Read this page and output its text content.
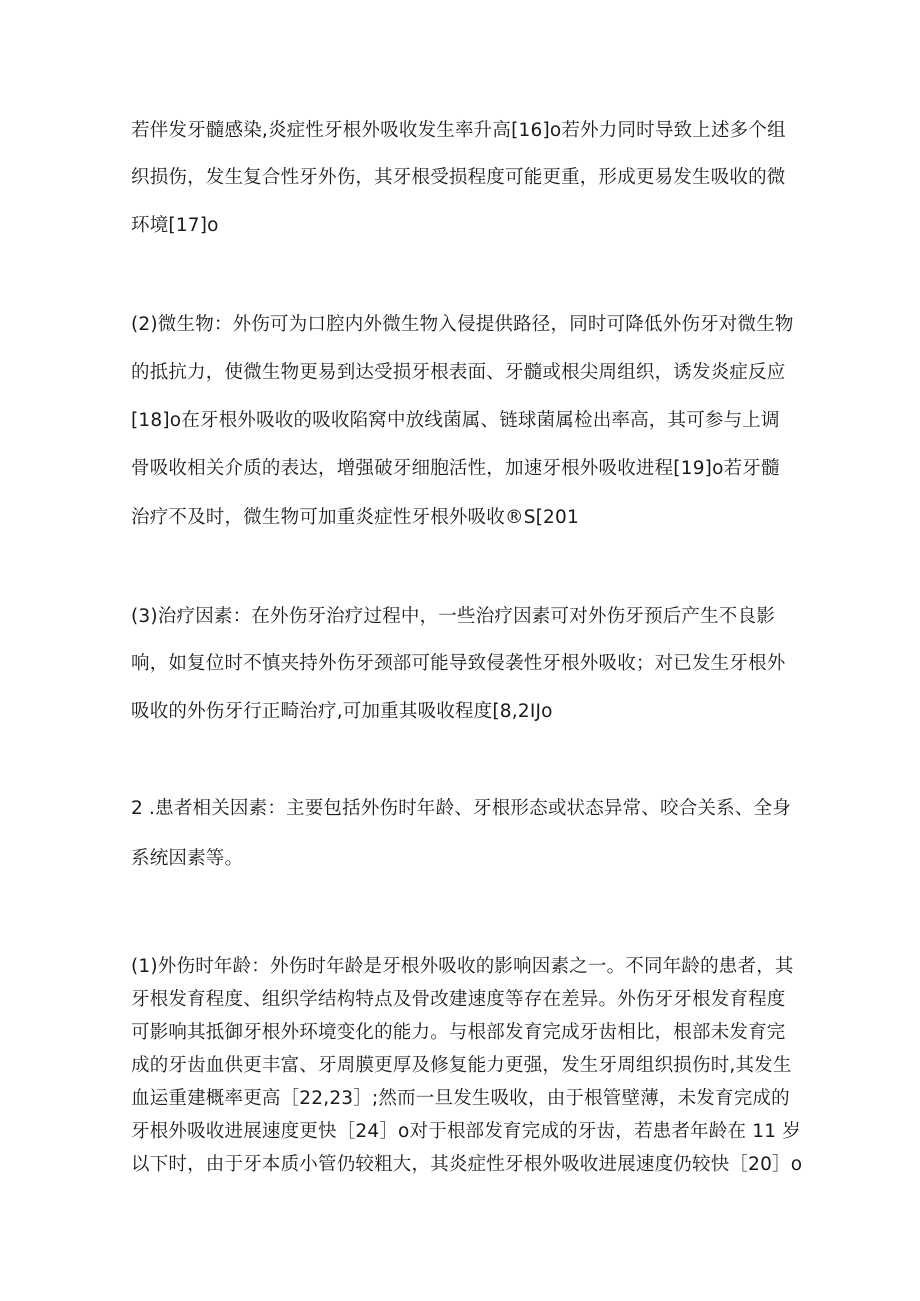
若伴发牙髓感染,炎症性牙根外吸收发生率升高[16]o若外力同时导致上述多个组
织损伤，发生复合性牙外伤，其牙根受损程度可能更重，形成更易发生吸收的微
环境[17]o
(2)微生物：外伤可为口腔内外微生物入侵提供路径，同时可降低外伤牙对微生物
的抵抗力，使微生物更易到达受损牙根表面、牙髓或根尖周组织，诱发炎症反应
[18]o在牙根外吸收的吸收陷窝中放线菌属、链球菌属检出率高，其可参与上调
骨吸收相关介质的表达，增强破牙细胞活性，加速牙根外吸收进程[19]o若牙髓
治疗不及时，微生物可加重炎症性牙根外吸收®S[201
(3)治疗因素：在外伤牙治疗过程中，一些治疗因素可对外伤牙预后产生不良影
响，如复位时不慎夹持外伤牙颈部可能导致侵袭性牙根外吸收；对已发生牙根外
吸收的外伤牙行正畸治疗,可加重其吸收程度[8,2IJo
2 .患者相关因素：主要包括外伤时年龄、牙根形态或状态异常、咬合关系、全身
系统因素等。
(1)外伤时年龄：外伤时年龄是牙根外吸收的影响因素之一。不同年龄的患者，其
牙根发育程度、组织学结构特点及骨改建速度等存在差异。外伤牙牙根发育程度
可影响其抵御牙根外环境变化的能力。与根部发育完成牙齿相比，根部未发育完
成的牙齿血供更丰富、牙周膜更厚及修复能力更强，发生牙周组织损伤时,其发生
血运重建概率更高［22,23］;然而一旦发生吸收，由于根管壁薄，未发育完成的
牙根外吸收进展速度更快［24］o对于根部发育完成的牙齿，若患者年龄在 11 岁
以下时，由于牙本质小管仍较粗大，其炎症性牙根外吸收进展速度仍较快［20］o
